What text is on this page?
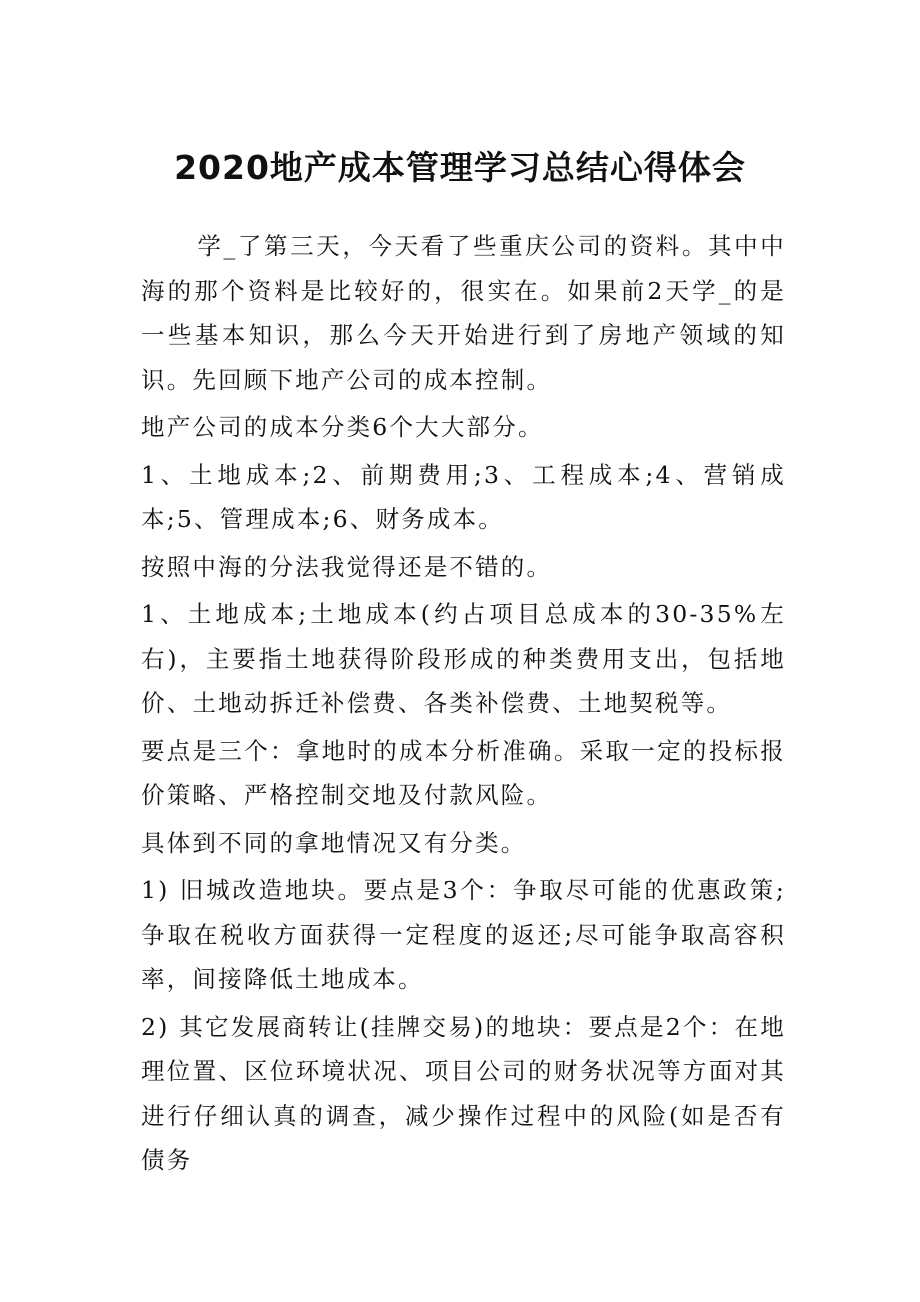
2020地产成本管理学习总结心得体会

学_了第三天，今天看了些重庆公司的资料。其中中海的那个资料是比较好的，很实在。如果前2天学_的是一些基本知识，那么今天开始进行到了房地产领域的知识。先回顾下地产公司的成本控制。

地产公司的成本分类6个大大部分。

1、土地成本;2、前期费用;3、工程成本;4、营销成本;5、管理成本;6、财务成本。

按照中海的分法我觉得还是不错的。

1、土地成本;土地成本(约占项目总成本的30-35%左右)，主要指土地获得阶段形成的种类费用支出，包括地价、土地动拆迁补偿费、各类补偿费、土地契税等。

要点是三个：拿地时的成本分析准确。采取一定的投标报价策略、严格控制交地及付款风险。

具体到不同的拿地情况又有分类。

1) 旧城改造地块。要点是3个：争取尽可能的优惠政策;争取在税收方面获得一定程度的返还;尽可能争取高容积率，间接降低土地成本。

2) 其它发展商转让(挂牌交易)的地块：要点是2个：在地理位置、区位环境状况、项目公司的财务状况等方面对其进行仔细认真的调查，减少操作过程中的风险(如是否有债务
